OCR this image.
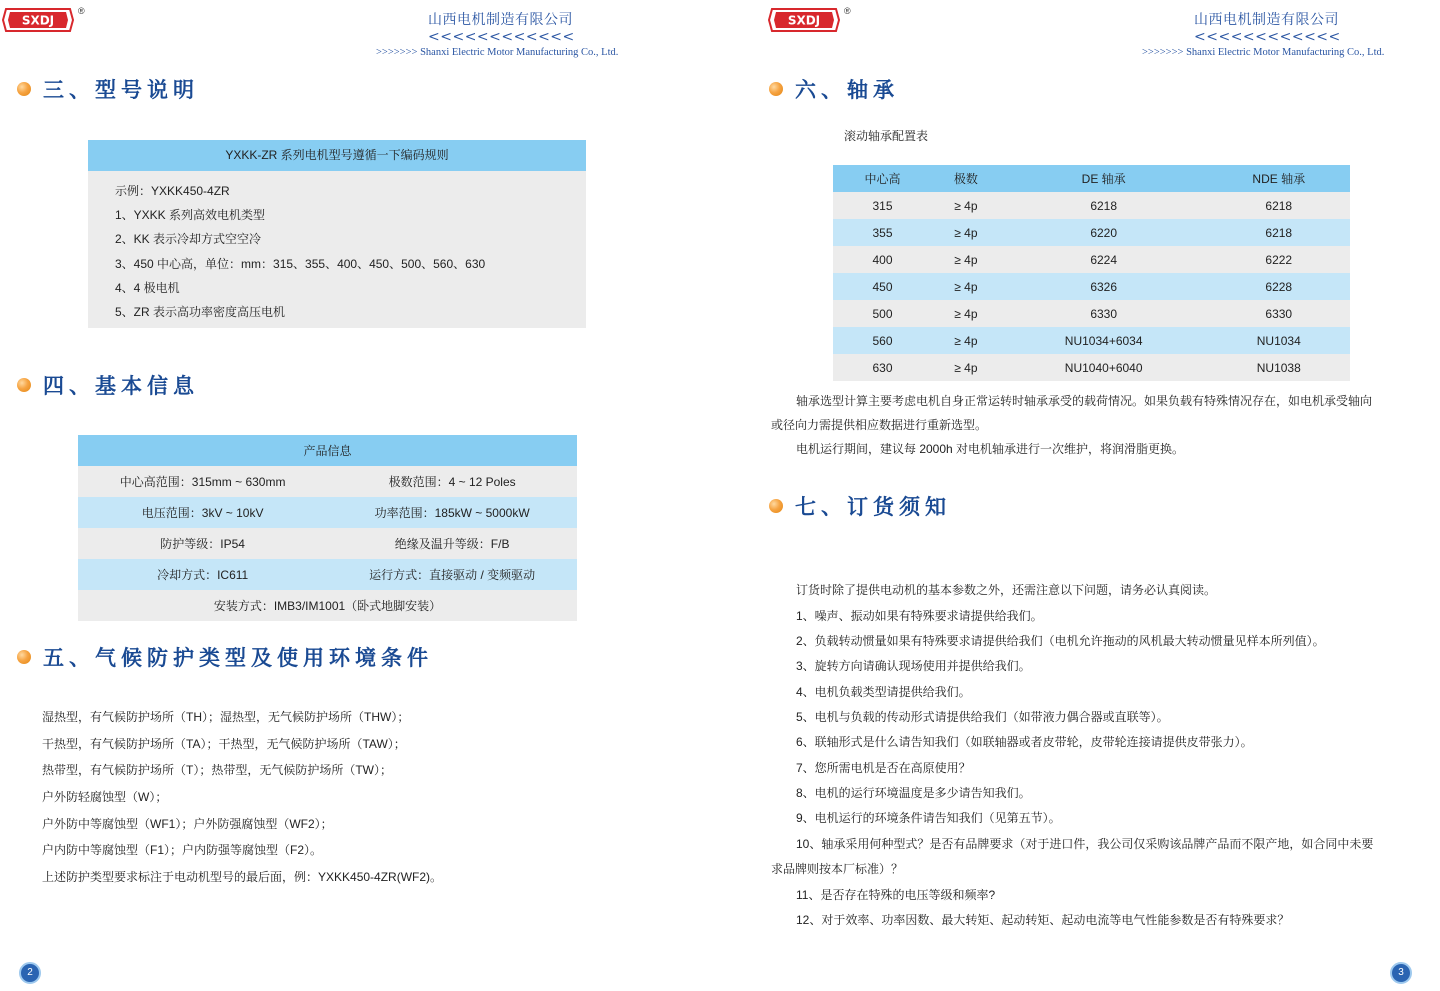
SXDJ
®
山西电机制造有限公司 <<<<<<<<<<<<
>>>>>>> Shanxi Electric Motor Manufacturing Co., Ltd.
三、型号说明
YXKK-ZR 系列电机型号遵循一下编码规则
示例：YXKK450-4ZR
1、YXKK 系列高效电机类型
2、KK 表示冷却方式空空冷
3、450 中心高，单位：mm：315、355、400、450、500、560、630
4、4 极电机
5、ZR 表示高功率密度高压电机
四、基本信息
产品信息	
中心高范围：315mm ~ 630mm	极数范围：4 ~ 12 Poles
电压范围：3kV ~ 10kV	功率范围：185kW ~ 5000kW
防护等级：IP54	绝缘及温升等级：F/B
冷却方式：IC611	运行方式：直接驱动 / 变频驱动
安装方式：IMB3/IM1001（卧式地脚安装）	
五、气候防护类型及使用环境条件
湿热型，有气候防护场所（TH）；湿热型，无气候防护场所（THW）；
干热型，有气候防护场所（TA）；干热型，无气候防护场所（TAW）；
热带型，有气候防护场所（T）；热带型，无气候防护场所（TW）；
户外防轻腐蚀型（W）；
户外防中等腐蚀型（WF1）；户外防强腐蚀型（WF2）；
户内防中等腐蚀型（F1）；户内防强等腐蚀型（F2）。
上述防护类型要求标注于电动机型号的最后面，例：YXKK450-4ZR(WF2)。
2
SXDJ
®
山西电机制造有限公司 <<<<<<<<<<<<
>>>>>>> Shanxi Electric Motor Manufacturing Co., Ltd.
六、轴承
滚动轴承配置表
中心高	极数	DE 轴承	NDE 轴承
315	≥ 4p	6218	6218
355	≥ 4p	6220	6218
400	≥ 4p	6224	6222
450	≥ 4p	6326	6228
500	≥ 4p	6330	6330
560	≥ 4p	NU1034+6034	NU1034
630	≥ 4p	NU1040+6040	NU1038
轴承选型计算主要考虑电机自身正常运转时轴承承受的载荷情况。如果负载有特殊情况存在，如电机承受轴向
或径向力需提供相应数据进行重新选型。
电机运行期间，建议每 2000h 对电机轴承进行一次维护，将润滑脂更换。
七、订货须知
订货时除了提供电动机的基本参数之外，还需注意以下问题，请务必认真阅读。
1、噪声、振动如果有特殊要求请提供给我们。
2、负载转动惯量如果有特殊要求请提供给我们（电机允许拖动的风机最大转动惯量见样本所列值）。
3、旋转方向请确认现场使用并提供给我们。
4、电机负载类型请提供给我们。
5、电机与负载的传动形式请提供给我们（如带液力偶合器或直联等）。
6、联轴形式是什么请告知我们（如联轴器或者皮带轮，皮带轮连接请提供皮带张力）。
7、您所需电机是否在高原使用？
8、电机的运行环境温度是多少请告知我们。
9、电机运行的环境条件请告知我们（见第五节）。
10、轴承采用何种型式？是否有品牌要求（对于进口件，我公司仅采购该品牌产品而不限产地，如合同中未要
求品牌则按本厂标准）？
11、是否存在特殊的电压等级和频率?
12、对于效率、功率因数、最大转矩、起动转矩、起动电流等电气性能参数是否有特殊要求？
3
